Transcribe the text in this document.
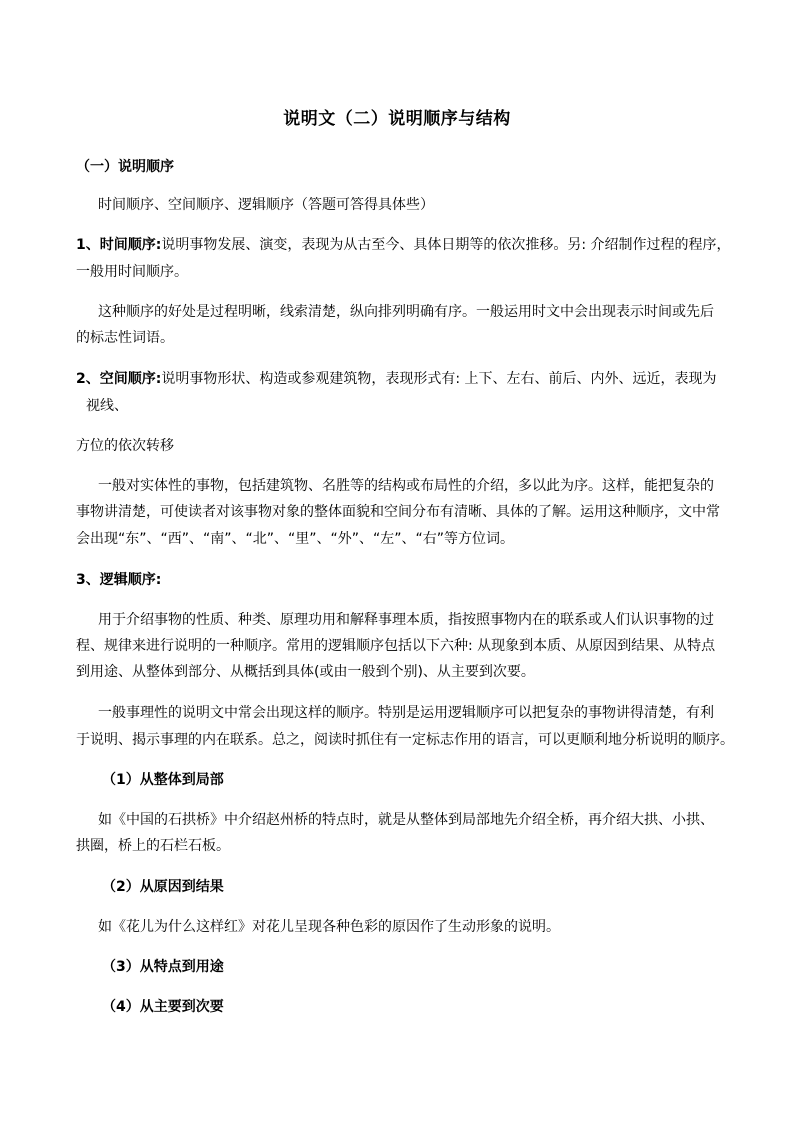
说明文（二）说明顺序与结构
（一）说明顺序
时间顺序、空间顺序、逻辑顺序（答题可答得具体些）
1、时间顺序:说明事物发展、演变，表现为从古至今、具体日期等的依次推移。另: 介绍制作过程的程序，
一般用时间顺序。
这种顺序的好处是过程明晰，线索清楚，纵向排列明确有序。一般运用时文中会出现表示时间或先后
的标志性词语。
2、空间顺序:说明事物形状、构造或参观建筑物，表现形式有: 上下、左右、前后、内外、远近，表现为
视线、
方位的依次转移
一般对实体性的事物，包括建筑物、名胜等的结构或布局性的介绍，多以此为序。这样，能把复杂的
事物讲清楚，可使读者对该事物对象的整体面貌和空间分布有清晰、具体的了解。运用这种顺序，文中常
会出现“东”、“西”、“南”、“北”、“里”、“外”、“左”、“右”等方位词。
3、逻辑顺序:
用于介绍事物的性质、种类、原理功用和解释事理本质，指按照事物内在的联系或人们认识事物的过
程、规律来进行说明的一种顺序。常用的逻辑顺序包括以下六种: 从现象到本质、从原因到结果、从特点
到用途、从整体到部分、从概括到具体(或由一般到个别)、从主要到次要。
一般事理性的说明文中常会出现这样的顺序。特别是运用逻辑顺序可以把复杂的事物讲得清楚，有利
于说明、揭示事理的内在联系。总之，阅读时抓住有一定标志作用的语言，可以更顺利地分析说明的顺序。
（1）从整体到局部
如《中国的石拱桥》中介绍赵州桥的特点时，就是从整体到局部地先介绍全桥，再介绍大拱、小拱、
拱圈，桥上的石栏石板。
（2）从原因到结果
如《花儿为什么这样红》对花儿呈现各种色彩的原因作了生动形象的说明。
（3）从特点到用途
（4）从主要到次要
